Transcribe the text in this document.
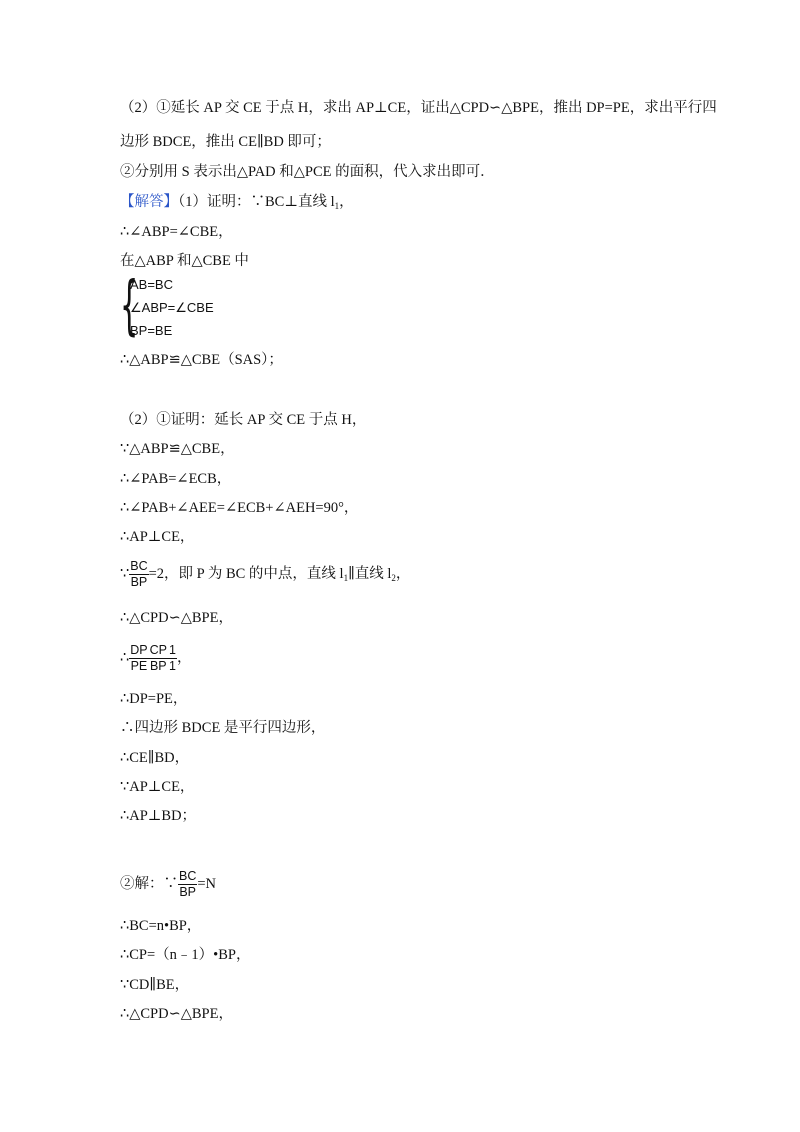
（2）①延长 AP 交 CE 于点 H，求出 AP⊥CE，证出△CPD∽△BPE，推出 DP=PE，求出平行四
边形 BDCE，推出 CE∥BD 即可；
②分别用 S 表示出△PAD 和△PCE 的面积，代入求出即可．
【解答】（1）证明：∵BC⊥直线 $l_1$，
∴∠ABP=∠CBE，
在△ABP 和△CBE 中
{
AB=BC
∠ABP=∠CBE
BP=BE
∴△ABP≌△CBE（SAS）；
（2）①证明：延长 AP 交 CE 于点 H，
∵△ABP≌△CBE，
∴∠PAB=∠ECB，
∴∠PAB+∠AEE=∠ECB+∠AEH=90°，
∴AP⊥CE，
∵ $\frac{BC}{BP} =2$，即 P 为 BC 的中点，直线 $l_1\parallel$直线 $l_2$，
∴△CPD∽△BPE，
∴ $\frac{DP}{PE} \frac{CP}{BP} \frac{1}{1}$ ，
∴DP=PE，
∴四边形 BDCE 是平行四边形，
∴CE∥BD，
∵AP⊥CE，
∴AP⊥BD；
②解：∵ $\frac{BC}{BP} =N$
∴BC=n•BP，
∴CP=（n﹣1）•BP，
∵CD∥BE，
∴△CPD∽△BPE，
